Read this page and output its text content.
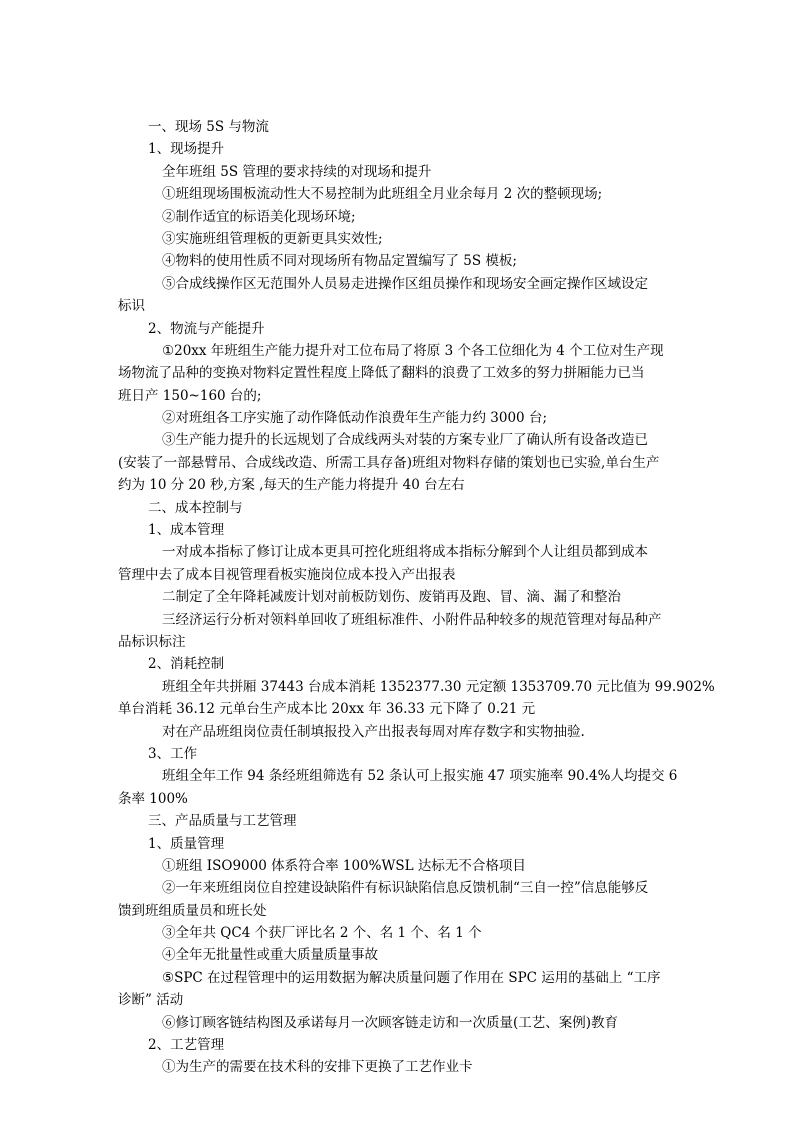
一、现场 5S 与物流
1、现场提升
全年班组 5S 管理的要求持续的对现场和提升
①班组现场围板流动性大不易控制为此班组全月业余每月 2 次的整顿现场;
②制作适宜的标语美化现场环境;
③实施班组管理板的更新更具实效性;
④物料的使用性质不同对现场所有物品定置编写了 5S 模板;
⑤合成线操作区无范围外人员易走进操作区组员操作和现场安全画定操作区域设定
标识
2、物流与产能提升
①20xx 年班组生产能力提升对工位布局了将原 3 个各工位细化为 4 个工位对生产现
场物流了品种的变换对物料定置性程度上降低了翻料的浪费了工效多的努力拼厢能力已当
班日产 150~160 台的;
②对班组各工序实施了动作降低动作浪费年生产能力约 3000 台;
③生产能力提升的长远规划了合成线两头对装的方案专业厂了确认所有设备改造已
(安装了一部悬臂吊、合成线改造、所需工具存备)班组对物料存储的策划也已实验,单台生产
约为 10 分 20 秒,方案 ,每天的生产能力将提升 40 台左右
二、成本控制与
1、成本管理
一对成本指标了修订让成本更具可控化班组将成本指标分解到个人让组员都到成本
管理中去了成本目视管理看板实施岗位成本投入产出报表
二制定了全年降耗减废计划对前板防划伤、废销再及跑、冒、滴、漏了和整治
三经济运行分析对领料单回收了班组标准件、小附件品种较多的规范管理对每品种产
品标识标注
2、消耗控制
班组全年共拼厢 37443 台成本消耗 1352377.30 元定额 1353709.70 元比值为 99.902%
单台消耗 36.12 元单台生产成本比 20xx 年 36.33 元下降了 0.21 元
对在产品班组岗位责任制填报投入产出报表每周对库存数字和实物抽验.
3、工作
班组全年工作 94 条经班组筛选有 52 条认可上报实施 47 项实施率 90.4%人均提交 6
条率 100%
三、产品质量与工艺管理
1、质量管理
①班组 ISO9000 体系符合率 100%WSL 达标无不合格项目
②一年来班组岗位自控建设缺陷件有标识缺陷信息反馈机制“三自一控”信息能够反
馈到班组质量员和班长处
③全年共 QC4 个获厂评比名 2 个、名 1 个、名 1 个
④全年无批量性或重大质量质量事故
⑤SPC 在过程管理中的运用数据为解决质量问题了作用在 SPC 运用的基础上 “工序
诊断” 活动
⑥修订顾客链结构图及承诺每月一次顾客链走访和一次质量(工艺、案例)教育
2、工艺管理
①为生产的需要在技术科的安排下更换了工艺作业卡
